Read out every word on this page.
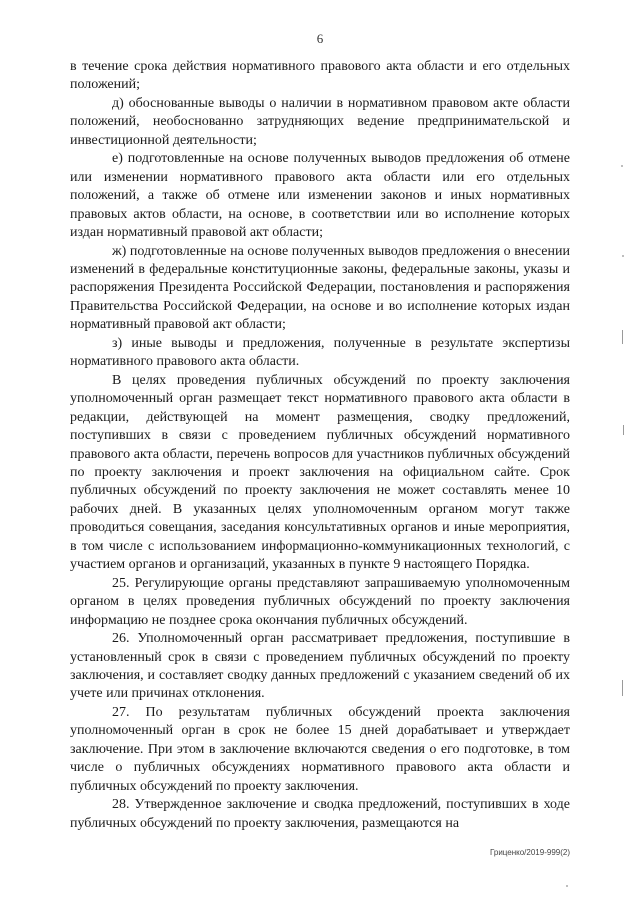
6

в течение срока действия нормативного правового акта области и его отдельных положений;

д) обоснованные выводы о наличии в нормативном правовом акте области положений, необоснованно затрудняющих ведение предпринимательской и инвестиционной деятельности;

е) подготовленные на основе полученных выводов предложения об отмене или изменении нормативного правового акта области или его отдельных положений, а также об отмене или изменении законов и иных нормативных правовых актов области, на основе, в соответствии или во исполнение которых издан нормативный правовой акт области;

ж) подготовленные на основе полученных выводов предложения о внесении изменений в федеральные конституционные законы, федеральные законы, указы и распоряжения Президента Российской Федерации, постановления и распоряжения Правительства Российской Федерации, на основе и во исполнение которых издан нормативный правовой акт области;

з) иные выводы и предложения, полученные в результате экспертизы нормативного правового акта области.

В целях проведения публичных обсуждений по проекту заключения уполномоченный орган размещает текст нормативного правового акта области в редакции, действующей на момент размещения, сводку предложений, поступивших в связи с проведением публичных обсуждений нормативного правового акта области, перечень вопросов для участников публичных обсуждений по проекту заключения и проект заключения на официальном сайте. Срок публичных обсуждений по проекту заключения не может составлять менее 10 рабочих дней. В указанных целях уполномоченным органом могут также проводиться совещания, заседания консультативных органов и иные мероприятия, в том числе с использованием информационно-коммуникационных технологий, с участием органов и организаций, указанных в пункте 9 настоящего Порядка.

25. Регулирующие органы представляют запрашиваемую уполномоченным органом в целях проведения публичных обсуждений по проекту заключения информацию не позднее срока окончания публичных обсуждений.

26. Уполномоченный орган рассматривает предложения, поступившие в установленный срок в связи с проведением публичных обсуждений по проекту заключения, и составляет сводку данных предложений с указанием сведений об их учете или причинах отклонения.

27. По результатам публичных обсуждений проекта заключения уполномоченный орган в срок не более 15 дней дорабатывает и утверждает заключение. При этом в заключение включаются сведения о его подготовке, в том числе о публичных обсуждениях нормативного правового акта области и публичных обсуждений по проекту заключения.

28. Утвержденное заключение и сводка предложений, поступивших в ходе публичных обсуждений по проекту заключения, размещаются на

Гриценко/2019-999(2)
